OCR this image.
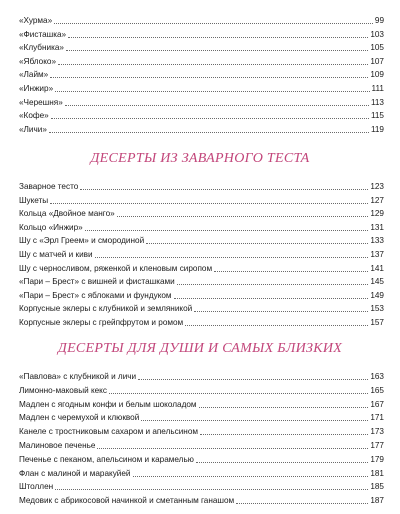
«Хурма»	99
«Фисташка»	103
«Клубника»	105
«Яблоко»	107
«Лайм»	109
«Инжир»	111
«Черешня»	113
«Кофе»	115
«Личи»	119
ДЕСЕРТЫ ИЗ ЗАВАРНОГО ТЕСТА
Заварное тесто	123
Шукеты	127
Кольца «Двойное манго»	129
Кольцо «Инжир»	131
Шу с «Эрл Греем» и смородиной	133
Шу с матчей и киви	137
Шу с черносливом, ряженкой и кленовым сиропом	141
«Пари – Брест» с вишней и фисташками	145
«Пари – Брест» с яблоками и фундуком	149
Корпусные эклеры с клубникой и земляникой	153
Корпусные эклеры с грейпфрутом и ромом	157
ДЕСЕРТЫ ДЛЯ ДУШИ И САМЫХ БЛИЗКИХ
«Павлова» с клубникой и личи	163
Лимонно-маковый кекс	165
Мадлен с ягодным конфи и белым шоколадом	167
Мадлен с черемухой и клюквой	171
Канеле с тростниковым сахаром и апельсином	173
Малиновое печенье	177
Печенье с пеканом, апельсином и карамелью	179
Флан с малиной и маракуйей	181
Штоллен	185
Медовик с абрикосовой начинкой и сметанным ганашом	187
